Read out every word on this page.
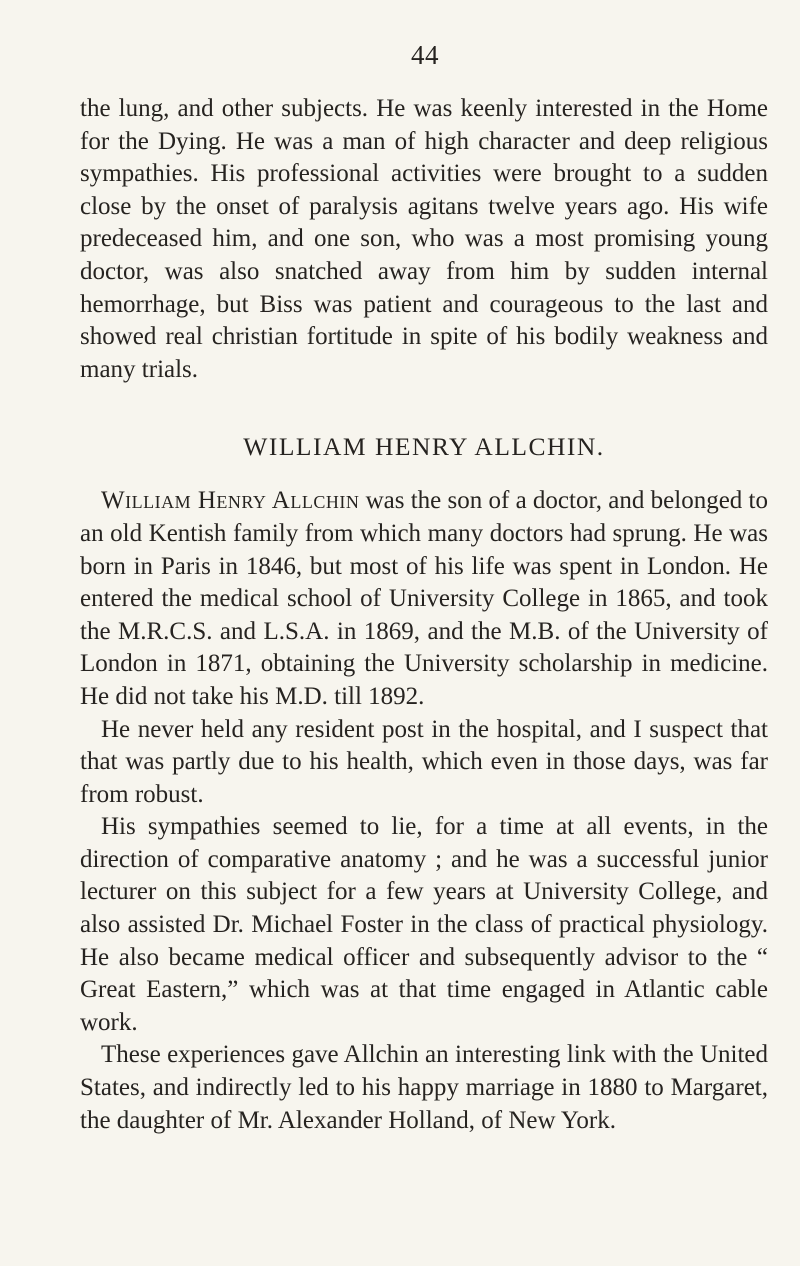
44

the lung, and other subjects. He was keenly interested in the Home for the Dying. He was a man of high character and deep religious sympathies. His professional activities were brought to a sudden close by the onset of paralysis agitans twelve years ago. His wife predeceased him, and one son, who was a most promising young doctor, was also snatched away from him by sudden internal hemorrhage, but Biss was patient and courageous to the last and showed real christian fortitude in spite of his bodily weakness and many trials.

WILLIAM HENRY ALLCHIN.

William Henry Allchin was the son of a doctor, and belonged to an old Kentish family from which many doctors had sprung. He was born in Paris in 1846, but most of his life was spent in London. He entered the medical school of University College in 1865, and took the M.R.C.S. and L.S.A. in 1869, and the M.B. of the University of London in 1871, obtaining the University scholarship in medicine. He did not take his M.D. till 1892.

He never held any resident post in the hospital, and I suspect that that was partly due to his health, which even in those days, was far from robust.

His sympathies seemed to lie, for a time at all events, in the direction of comparative anatomy ; and he was a successful junior lecturer on this subject for a few years at University College, and also assisted Dr. Michael Foster in the class of practical physiology. He also became medical officer and subsequently advisor to the “ Great Eastern,” which was at that time engaged in Atlantic cable work.

These experiences gave Allchin an interesting link with the United States, and indirectly led to his happy marriage in 1880 to Margaret, the daughter of Mr. Alexander Holland, of New York.
